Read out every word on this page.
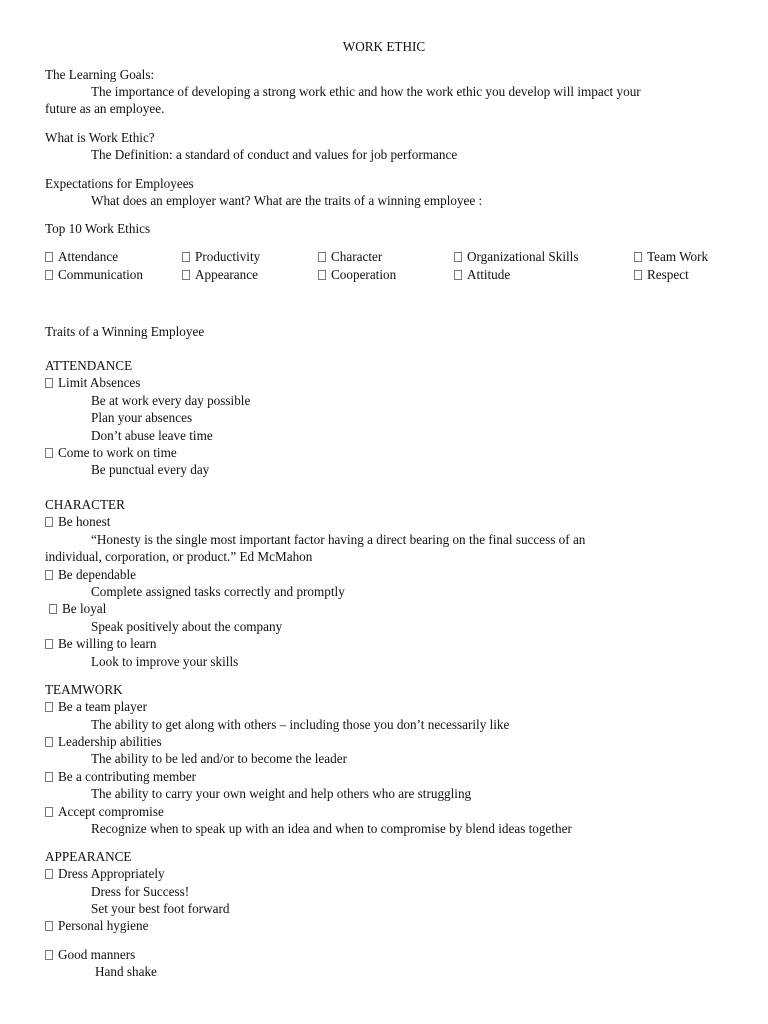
WORK ETHIC
The Learning Goals:
The importance of developing a strong work ethic and how the work ethic you develop will impact your
future as an employee.
What is Work Ethic?
The Definition: a standard of conduct and values for job performance
Expectations for Employees
What does an employer want? What are the traits of a winning employee :
Top 10 Work Ethics
Attendance	Productivity	Character	Organizational Skills	Team Work
Communication	Appearance	Cooperation	Attitude	Respect
Traits of a Winning Employee
ATTENDANCE
Limit Absences
Be at work every day possible
Plan your absences
Don’t abuse leave time
Come to work on time
Be punctual every day
CHARACTER
Be honest
“Honesty is the single most important factor having a direct bearing on the final success of an
individual, corporation, or product.” Ed McMahon
Be dependable
Complete assigned tasks correctly and promptly
Be loyal
Speak positively about the company
Be willing to learn
Look to improve your skills
TEAMWORK
Be a team player
The ability to get along with others – including those you don’t necessarily like
Leadership abilities
The ability to be led and/or to become the leader
Be a contributing member
The ability to carry your own weight and help others who are struggling
Accept compromise
Recognize when to speak up with an idea and when to compromise by blend ideas together
APPEARANCE
Dress Appropriately
Dress for Success!
Set your best foot forward
Personal hygiene
Good manners
Hand shake
